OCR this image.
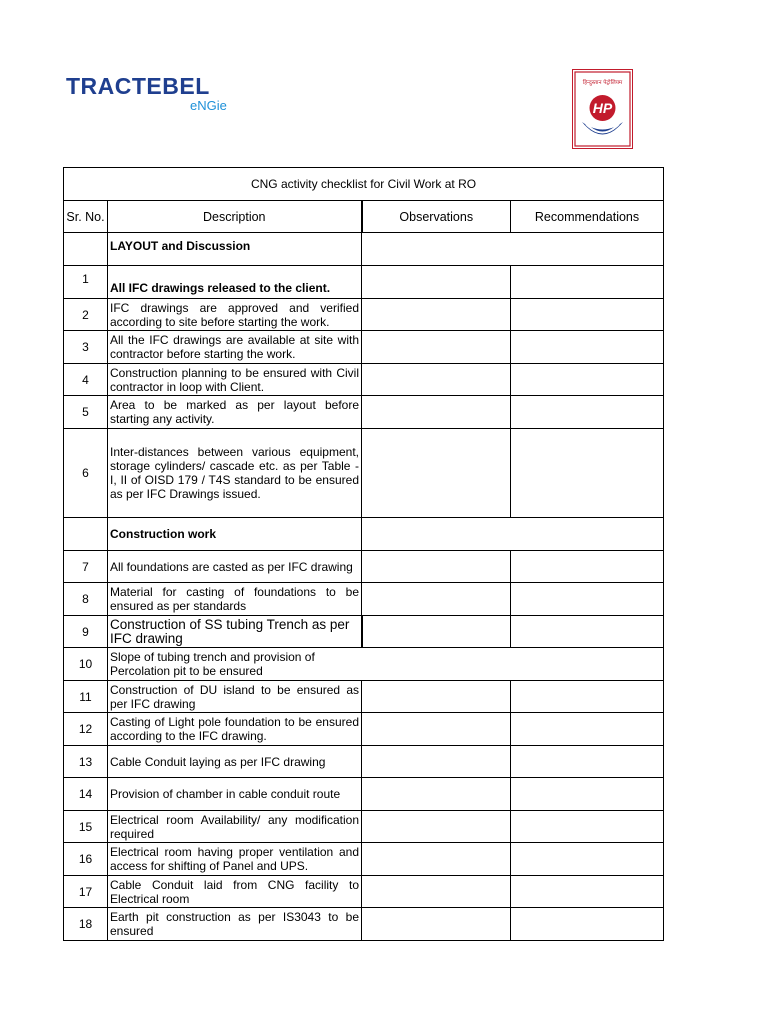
TRACTEBEL
eNGie
हिन्दुस्तान पेट्रोलियम
HP
CNG activity checklist for Civil Work at RO			
Sr. No.	Description	Observations	Recommendations
	LAYOUT and Discussion		
1	All IFC drawings released to the client.		
2	IFC drawings are approved and verified according to site before starting the work.		
3	All the IFC drawings are available at site with contractor before starting the work.		
4	Construction planning to be ensured with Civil contractor in loop with Client.		
5	Area to be marked as per layout before starting any activity.		
6	Inter-distances between various equipment, storage cylinders/ cascade etc. as per Table - I, II of OISD 179 / T4S standard to be ensured as per IFC Drawings issued.		
	Construction work		
7	All foundations are casted as per IFC drawing		
8	Material for casting of foundations to be ensured as per standards		
9	Construction of SS tubing Trench as per IFC drawing		
10	Slope of tubing trench and provision of Percolation pit to be ensured		
11	Construction of DU island to be ensured as per IFC drawing		
12	Casting of Light pole foundation to be ensured according to the IFC drawing.		
13	Cable Conduit laying as per IFC drawing		
14	Provision of chamber in cable conduit route		
15	Electrical room Availability/ any modification required		
16	Electrical room having proper ventilation and access for shifting of Panel and UPS.		
17	Cable Conduit laid from CNG facility to Electrical room		
18	Earth pit construction as per IS3043 to be ensured		
